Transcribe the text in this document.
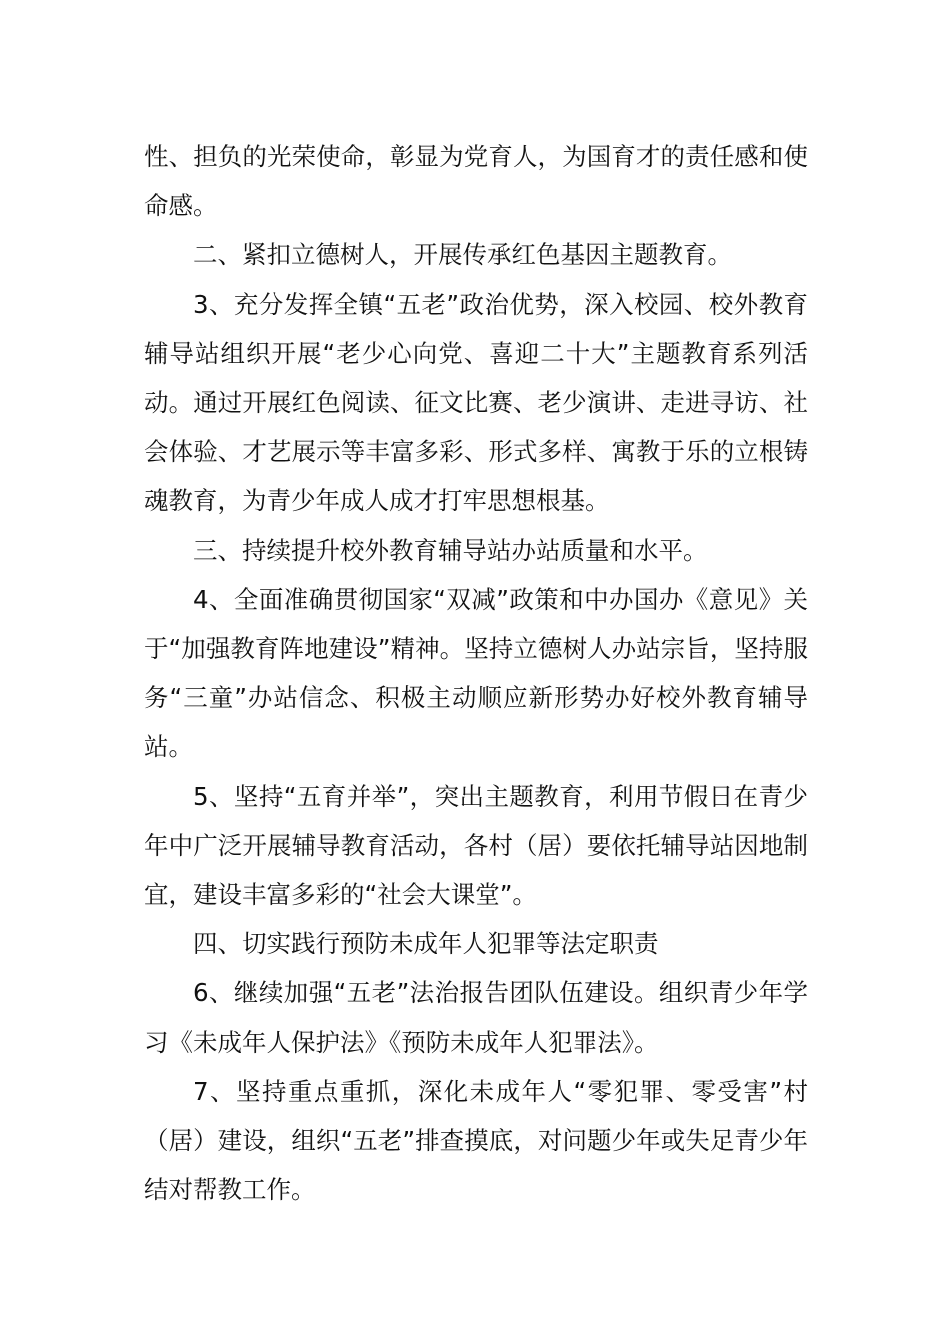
性、担负的光荣使命，彰显为党育人，为国育才的责任感和使命感。

二、紧扣立德树人，开展传承红色基因主题教育。

3、充分发挥全镇“五老”政治优势，深入校园、校外教育辅导站组织开展“老少心向党、喜迎二十大”主题教育系列活动。通过开展红色阅读、征文比赛、老少演讲、走进寻访、社会体验、才艺展示等丰富多彩、形式多样、寓教于乐的立根铸魂教育，为青少年成人成才打牢思想根基。

三、持续提升校外教育辅导站办站质量和水平。

4、全面准确贯彻国家“双减”政策和中办国办《意见》关于“加强教育阵地建设”精神。坚持立德树人办站宗旨，坚持服务“三童”办站信念、积极主动顺应新形势办好校外教育辅导站。

5、坚持“五育并举”，突出主题教育，利用节假日在青少年中广泛开展辅导教育活动，各村（居）要依托辅导站因地制宜，建设丰富多彩的“社会大课堂”。

四、切实践行预防未成年人犯罪等法定职责

6、继续加强“五老”法治报告团队伍建设。组织青少年学习《未成年人保护法》《预防未成年人犯罪法》。

7、坚持重点重抓，深化未成年人“零犯罪、零受害”村（居）建设，组织“五老”排查摸底，对问题少年或失足青少年结对帮教工作。
